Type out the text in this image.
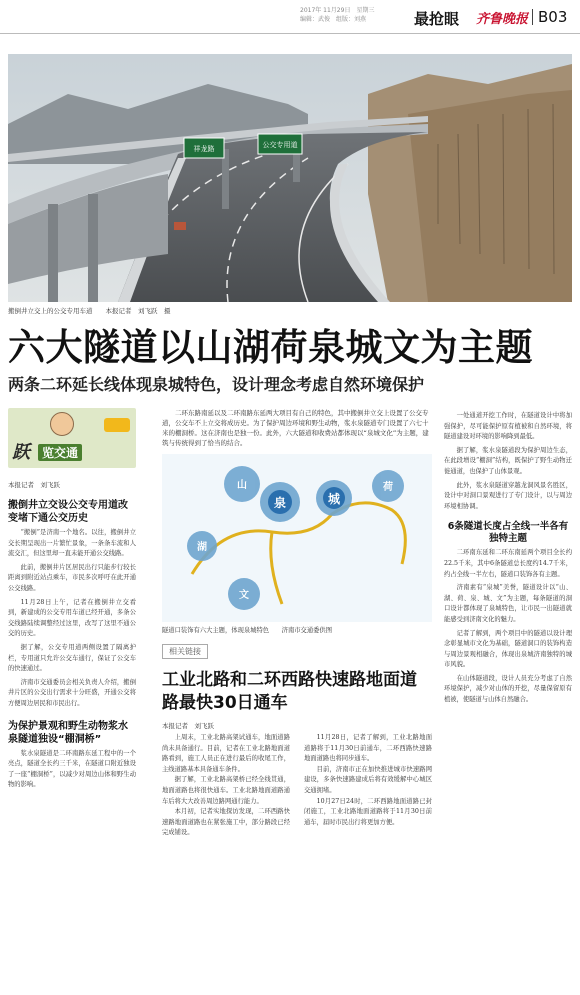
2017年 11月29日　星期三
编辑：武俊　组版：刘燕	最抢眼 齐鲁晚报 B03
祥龙路	公交专用道
搬倒井立交上的公交专用车道　　本报记者　刘飞跃　摄
六大隧道以山湖荷泉城文为主题
两条二环延长线体现泉城特色，设计理念考虑自然环境保护
跃	览交通
本报记者　刘飞跃
搬倒井立交设公交专用道改变堵下通公交历史

“搬倒”是济南一个地名。以往，搬倒井立交长期呈现出一片繁忙景象，一条条车流和人流交汇，但这里却一直未能开通公交线路。

此前，搬倒井片区居民出行只能步行较长距离到附近站点乘车，市民多次呼吁在此开通公交线路。

11月28日上午，记者在搬倒井立交看到，新建成的公交专用车道已经开通，多条公交线路陆续调整经过这里，改写了这里不通公交的历史。

据了解，公交专用道两侧设置了隔离护栏，专用道只允许公交车通行，保证了公交车的快速通过。

济南市交通委员会相关负责人介绍，搬倒井片区的公交出行需求十分旺盛，开通公交将方便周边居民和市民出行。

为保护景观和野生动物浆水泉隧道独设“棚洞桥”

浆水泉隧道是二环南路东延工程中的一个亮点，隧道全长约三千米，在隧道口附近独设了一座“棚洞桥”，以减少对周边山体和野生动物的影响。

二环东路南延以及二环南路东延两大项目有自己的特色，其中搬倒井立交上设置了公交专道，公交车不上立交将成历史。为了保护周边环境和野生动物，浆水泉隧道专门设置了六七十米的棚洞桥。这在济南也是独一份。此外，六大隧道和收费站都体现以“泉城文化”为主题，建筑与传统得到了恰当的结合。

泉	城
山	荷
湖
文
隧道口装饰有六大主题，体现泉城特色　　济南市交通委供图
相关链接
工业北路和二环西路快速路地面道路最快30日通车
本报记者　刘飞跃

上周末，工业北路高架试通车，地面道路尚未具备通行。目前，记者在工业北路地面道路看到，施工人员正在进行最后的收尾工作，主线道路基本具备通车条件。

据了解，工业北路高架桥已经全线贯通，地面道路也将很快通车。工业北路地面道路通车后将大大改善周边路网通行能力。

本月初，记者实地探访发现，二环西路快速路地面道路也在紧张施工中，部分路段已经完成铺设。

11月28日，记者了解到，工业北路地面道路将于11月30日前通车，二环西路快速路地面道路也将同步通车。

目前，济南市正在加快推进城市快速路网建设，多条快速路建成后将有效缓解中心城区交通拥堵。

10月27日24时，二环西路地面道路已封闭施工，工业北路地面道路将于11月30日前通车，届时市民出行将更加方便。

一处通道开挖工作时，在隧道设计中将加强保护，尽可能保护原有植被和自然环境，将隧道建设对环境的影响降到最低。

据了解，浆水泉隧道段为保护周边生态，在此段增设“棚洞”结构，既保护了野生动物迁徙通道，也保护了山体景观。

此外，浆水泉隧道穿越龙洞风景名胜区，设计中对洞口景观进行了专门设计，以与周边环境相协调。

6条隧道长度占全线一半各有独特主题

二环南东延和二环东南延两个项目全长约22.5千米，其中6条隧道总长度约14.7千米，约占全线一半左右，隧道口装饰各有主题。

济南素有“泉城”美誉，隧道设计以“山、湖、荷、泉、城、文”为主题，每条隧道的洞口设计都体现了泉城特色，让市民一出隧道就能感受到济南文化的魅力。

记者了解到，两个项目中的隧道以设计理念彰显城市文化为基础，隧道洞口的装饰构造与周边景观相融合，体现出泉城济南独特的城市风貌。

在山体隧道段，设计人员充分考虑了自然环境保护，减少对山体的开挖，尽量保留原有植被，使隧道与山体自然融合。
